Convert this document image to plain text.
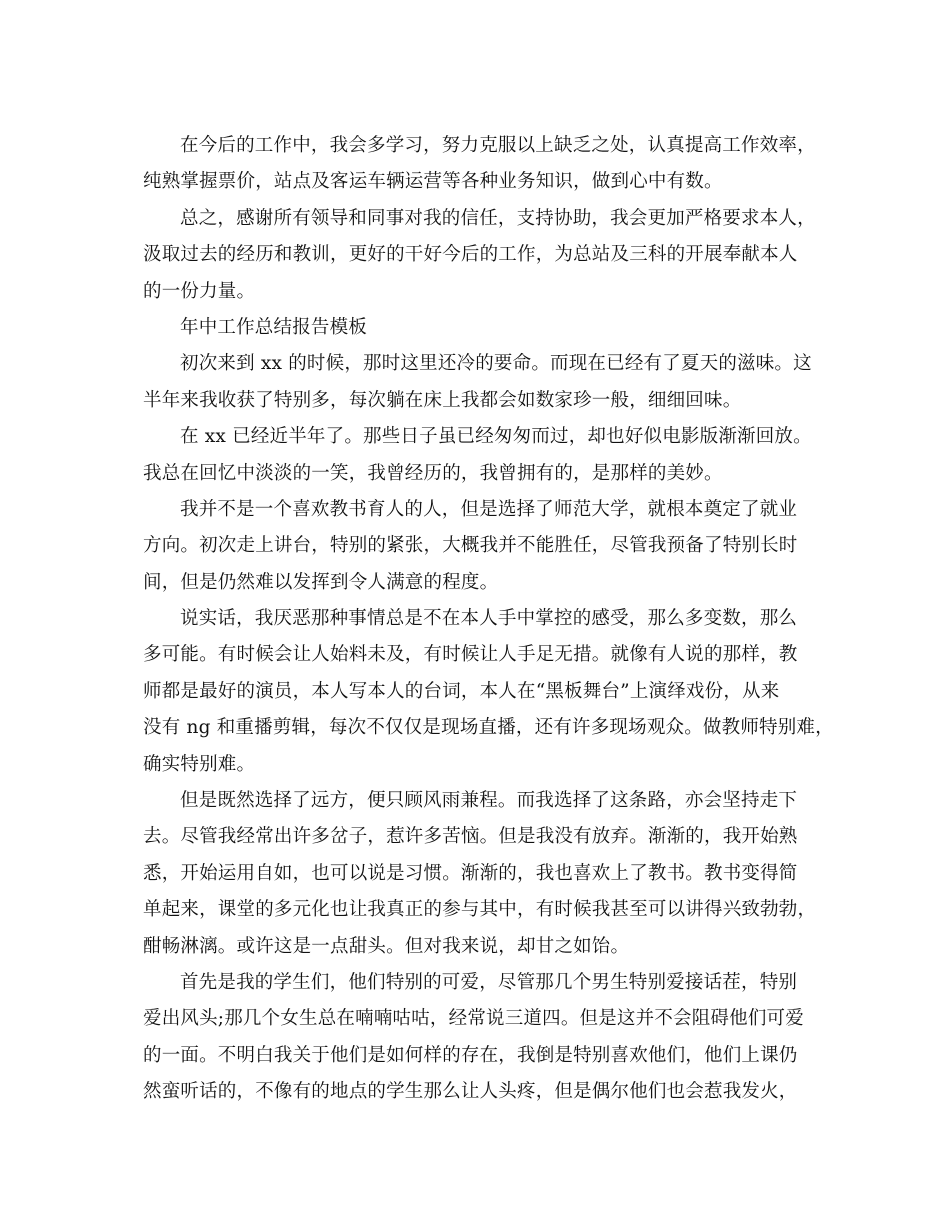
在今后的工作中，我会多学习，努力克服以上缺乏之处，认真提高工作效率，
纯熟掌握票价，站点及客运车辆运营等各种业务知识，做到心中有数。
总之，感谢所有领导和同事对我的信任，支持协助，我会更加严格要求本人，
汲取过去的经历和教训，更好的干好今后的工作，为总站及三科的开展奉献本人
的一份力量。
年中工作总结报告模板
初次来到 xx 的时候，那时这里还冷的要命。而现在已经有了夏天的滋味。这
半年来我收获了特别多，每次躺在床上我都会如数家珍一般，细细回味。
在 xx 已经近半年了。那些日子虽已经匆匆而过，却也好似电影版渐渐回放。
我总在回忆中淡淡的一笑，我曾经历的，我曾拥有的，是那样的美妙。
我并不是一个喜欢教书育人的人，但是选择了师范大学，就根本奠定了就业
方向。初次走上讲台，特别的紧张，大概我并不能胜任，尽管我预备了特别长时
间，但是仍然难以发挥到令人满意的程度。
说实话，我厌恶那种事情总是不在本人手中掌控的感受，那么多变数，那么
多可能。有时候会让人始料未及，有时候让人手足无措。就像有人说的那样，教
师都是最好的演员，本人写本人的台词，本人在“黑板舞台”上演绎戏份，从来
没有 ng 和重播剪辑，每次不仅仅是现场直播，还有许多现场观众。做教师特别难，
确实特别难。
但是既然选择了远方，便只顾风雨兼程。而我选择了这条路，亦会坚持走下
去。尽管我经常出许多岔子，惹许多苦恼。但是我没有放弃。渐渐的，我开始熟
悉，开始运用自如，也可以说是习惯。渐渐的，我也喜欢上了教书。教书变得简
单起来，课堂的多元化也让我真正的参与其中，有时候我甚至可以讲得兴致勃勃，
酣畅淋漓。或许这是一点甜头。但对我来说，却甘之如饴。
首先是我的学生们，他们特别的可爱，尽管那几个男生特别爱接话茬，特别
爱出风头;那几个女生总在喃喃咕咕，经常说三道四。但是这并不会阻碍他们可爱
的一面。不明白我关于他们是如何样的存在，我倒是特别喜欢他们，他们上课仍
然蛮听话的，不像有的地点的学生那么让人头疼，但是偶尔他们也会惹我发火，
